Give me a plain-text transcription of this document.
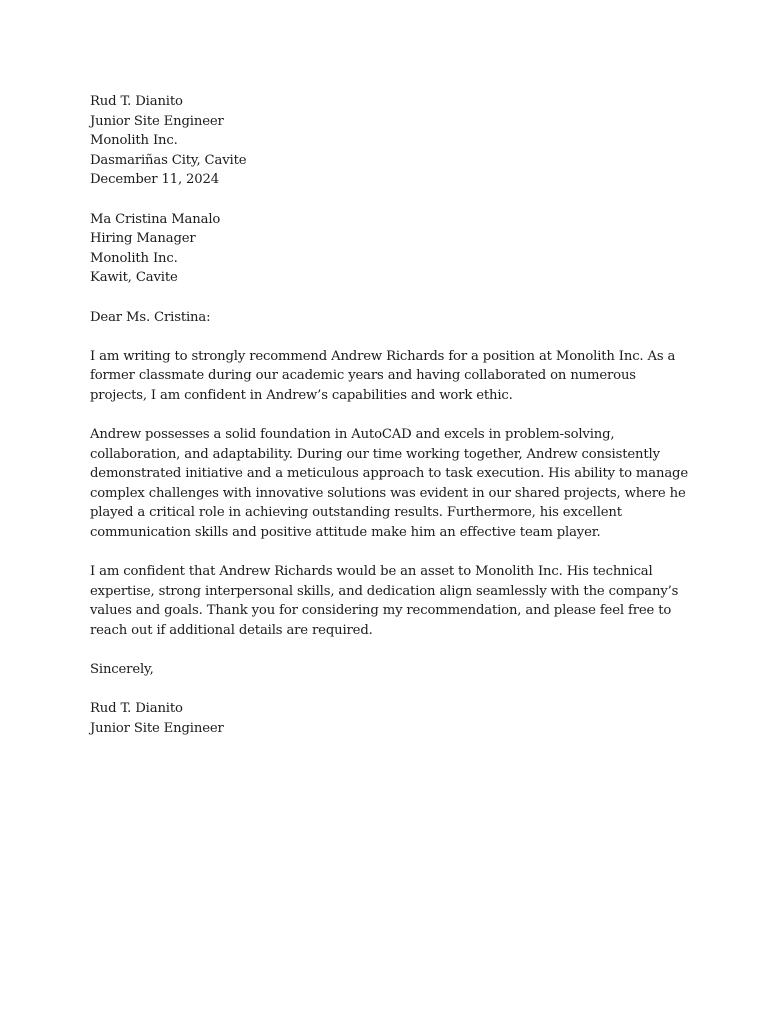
Rud T. Dianito
Junior Site Engineer
Monolith Inc.
Dasmariñas City, Cavite
December 11, 2024
Ma Cristina Manalo
Hiring Manager
Monolith Inc.
Kawit, Cavite
Dear Ms. Cristina:
I am writing to strongly recommend Andrew Richards for a position at Monolith Inc. As a
former classmate during our academic years and having collaborated on numerous
projects, I am confident in Andrew’s capabilities and work ethic.
Andrew possesses a solid foundation in AutoCAD and excels in problem-solving,
collaboration, and adaptability. During our time working together, Andrew consistently
demonstrated initiative and a meticulous approach to task execution. His ability to manage
complex challenges with innovative solutions was evident in our shared projects, where he
played a critical role in achieving outstanding results. Furthermore, his excellent
communication skills and positive attitude make him an effective team player.
I am confident that Andrew Richards would be an asset to Monolith Inc. His technical
expertise, strong interpersonal skills, and dedication align seamlessly with the company’s
values and goals. Thank you for considering my recommendation, and please feel free to
reach out if additional details are required.
Sincerely,
Rud T. Dianito
Junior Site Engineer
